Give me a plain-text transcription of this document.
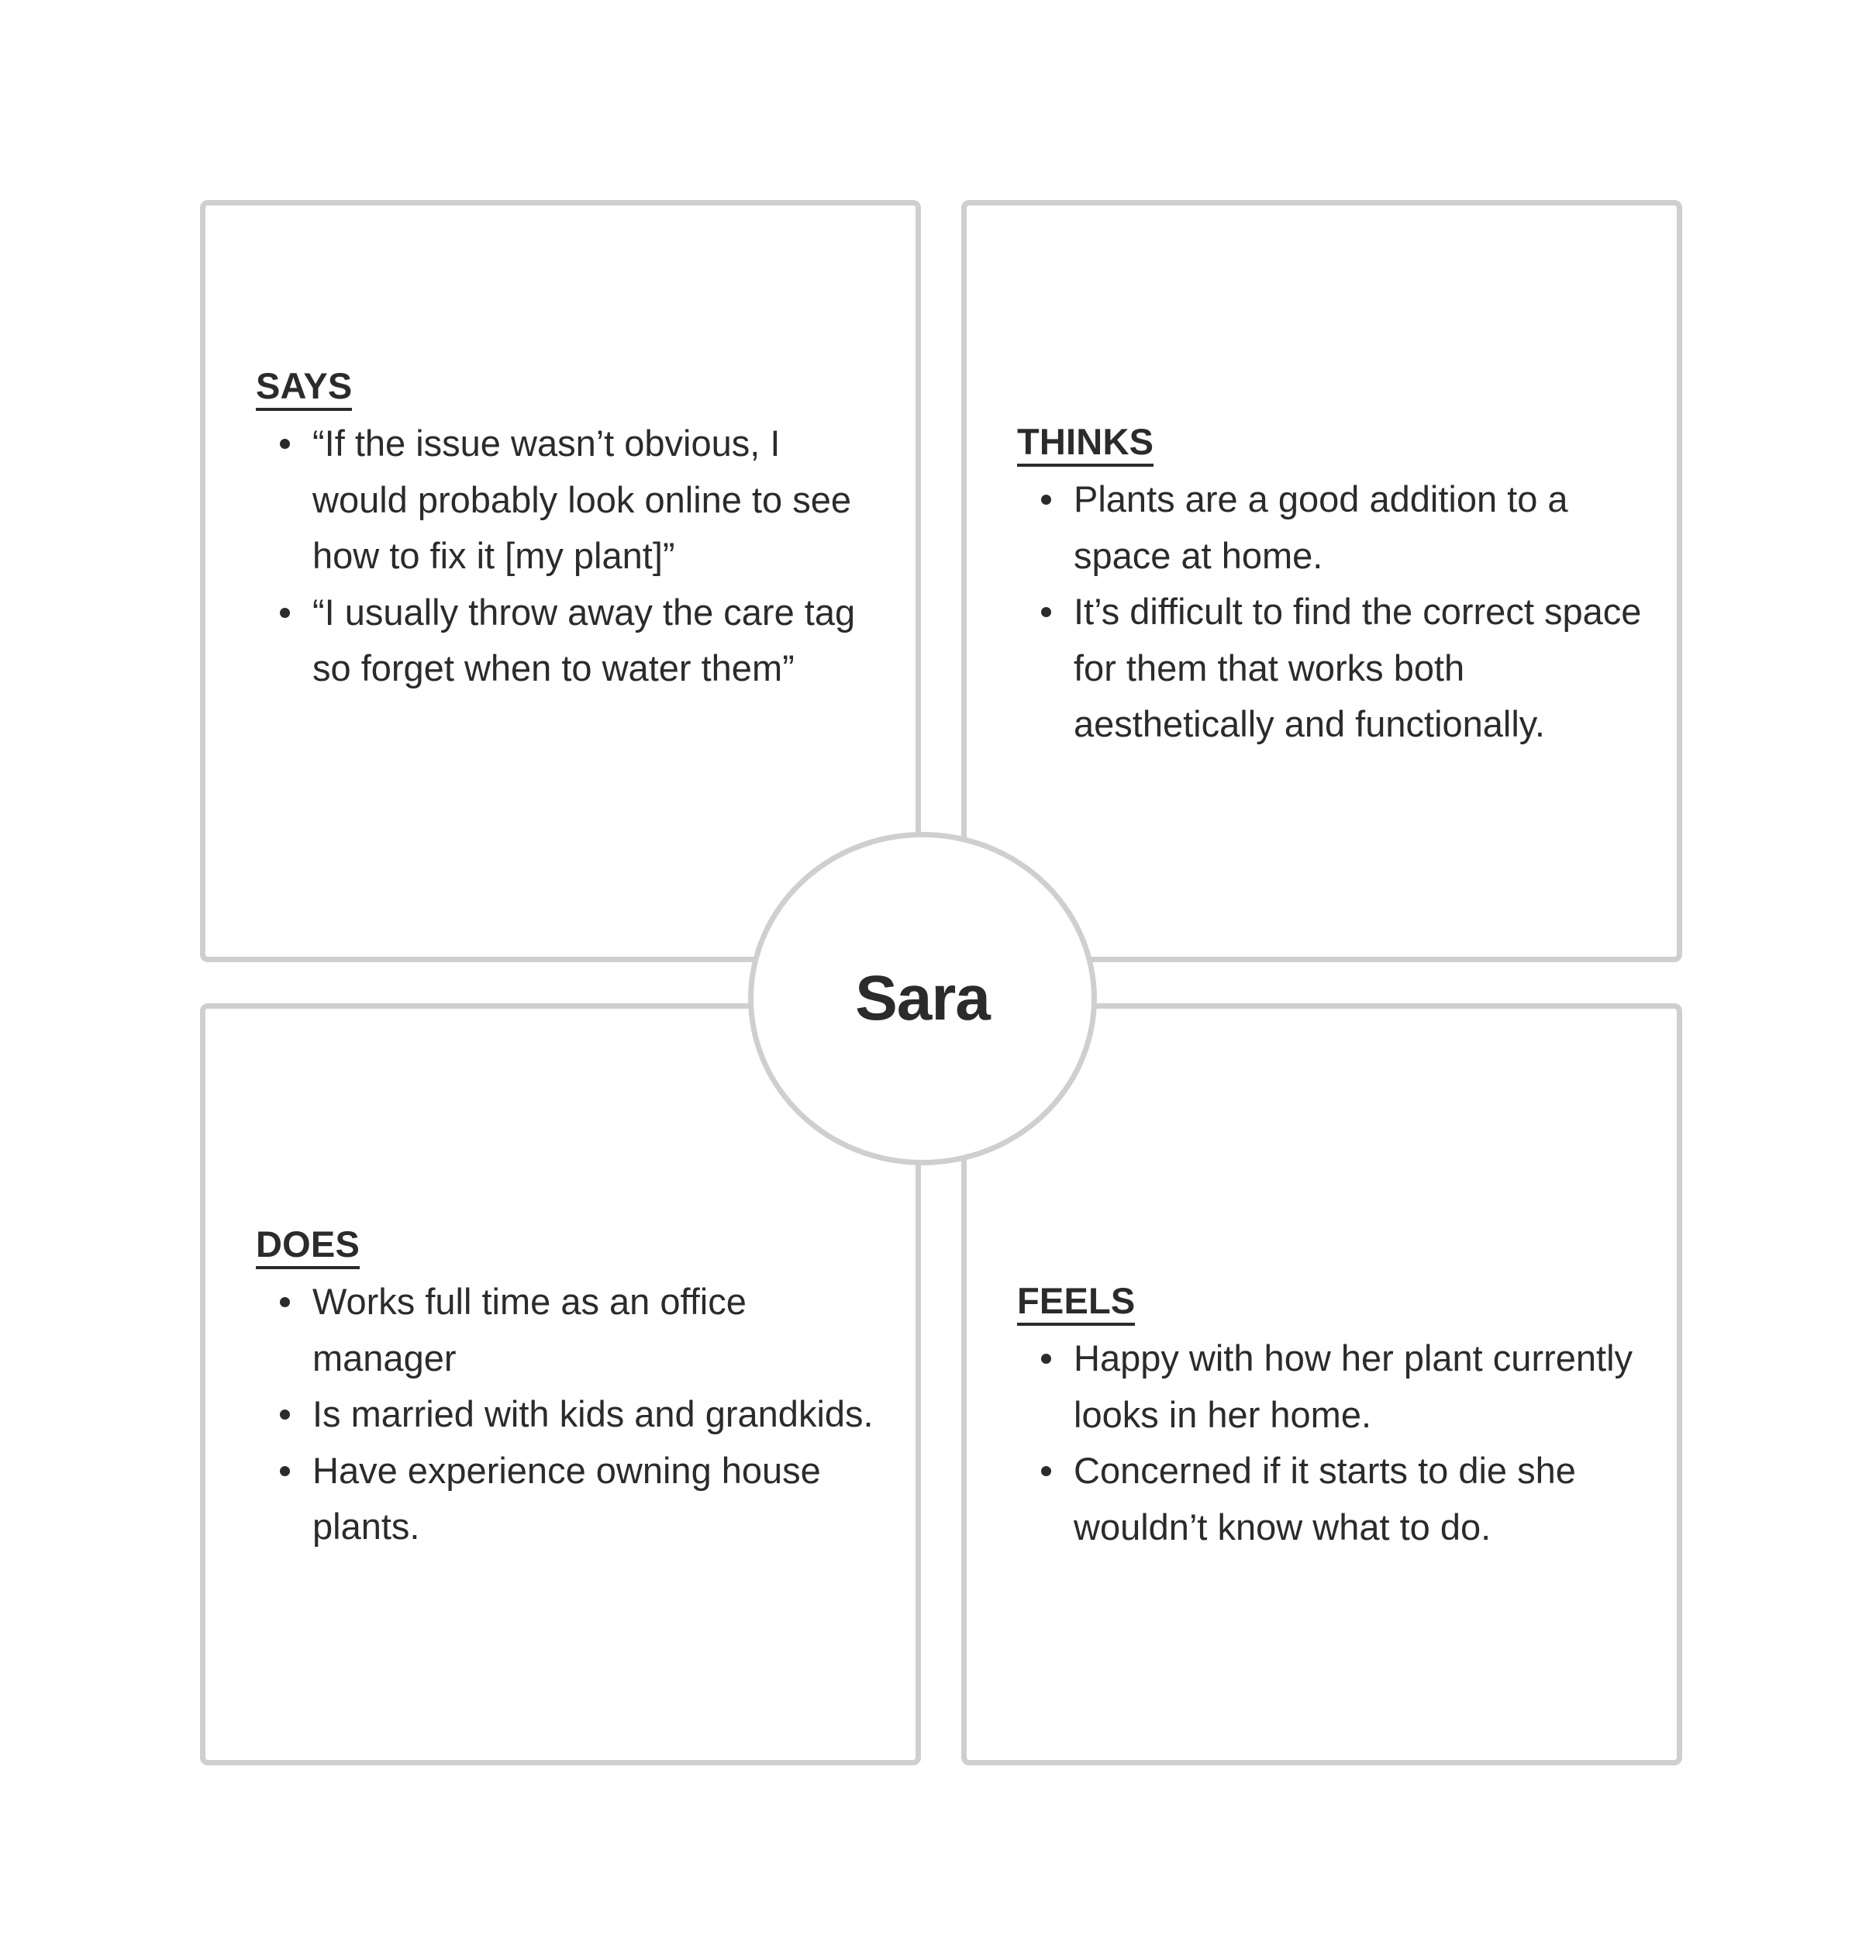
SAYS
“If the issue wasn’t obvious, I would probably look online to see how to fix it [my plant]”
“I usually throw away the care tag so forget when to water them”
THINKS
Plants are a good addition to a space at home.
It’s difficult to find the correct space for them that works both aesthetically and functionally.
DOES
Works full time as an office manager
Is married with kids and grandkids.
Have experience owning house plants.
FEELS
Happy with how her plant currently looks in her home.
Concerned if it starts to die she wouldn’t know what to do.
Sara
